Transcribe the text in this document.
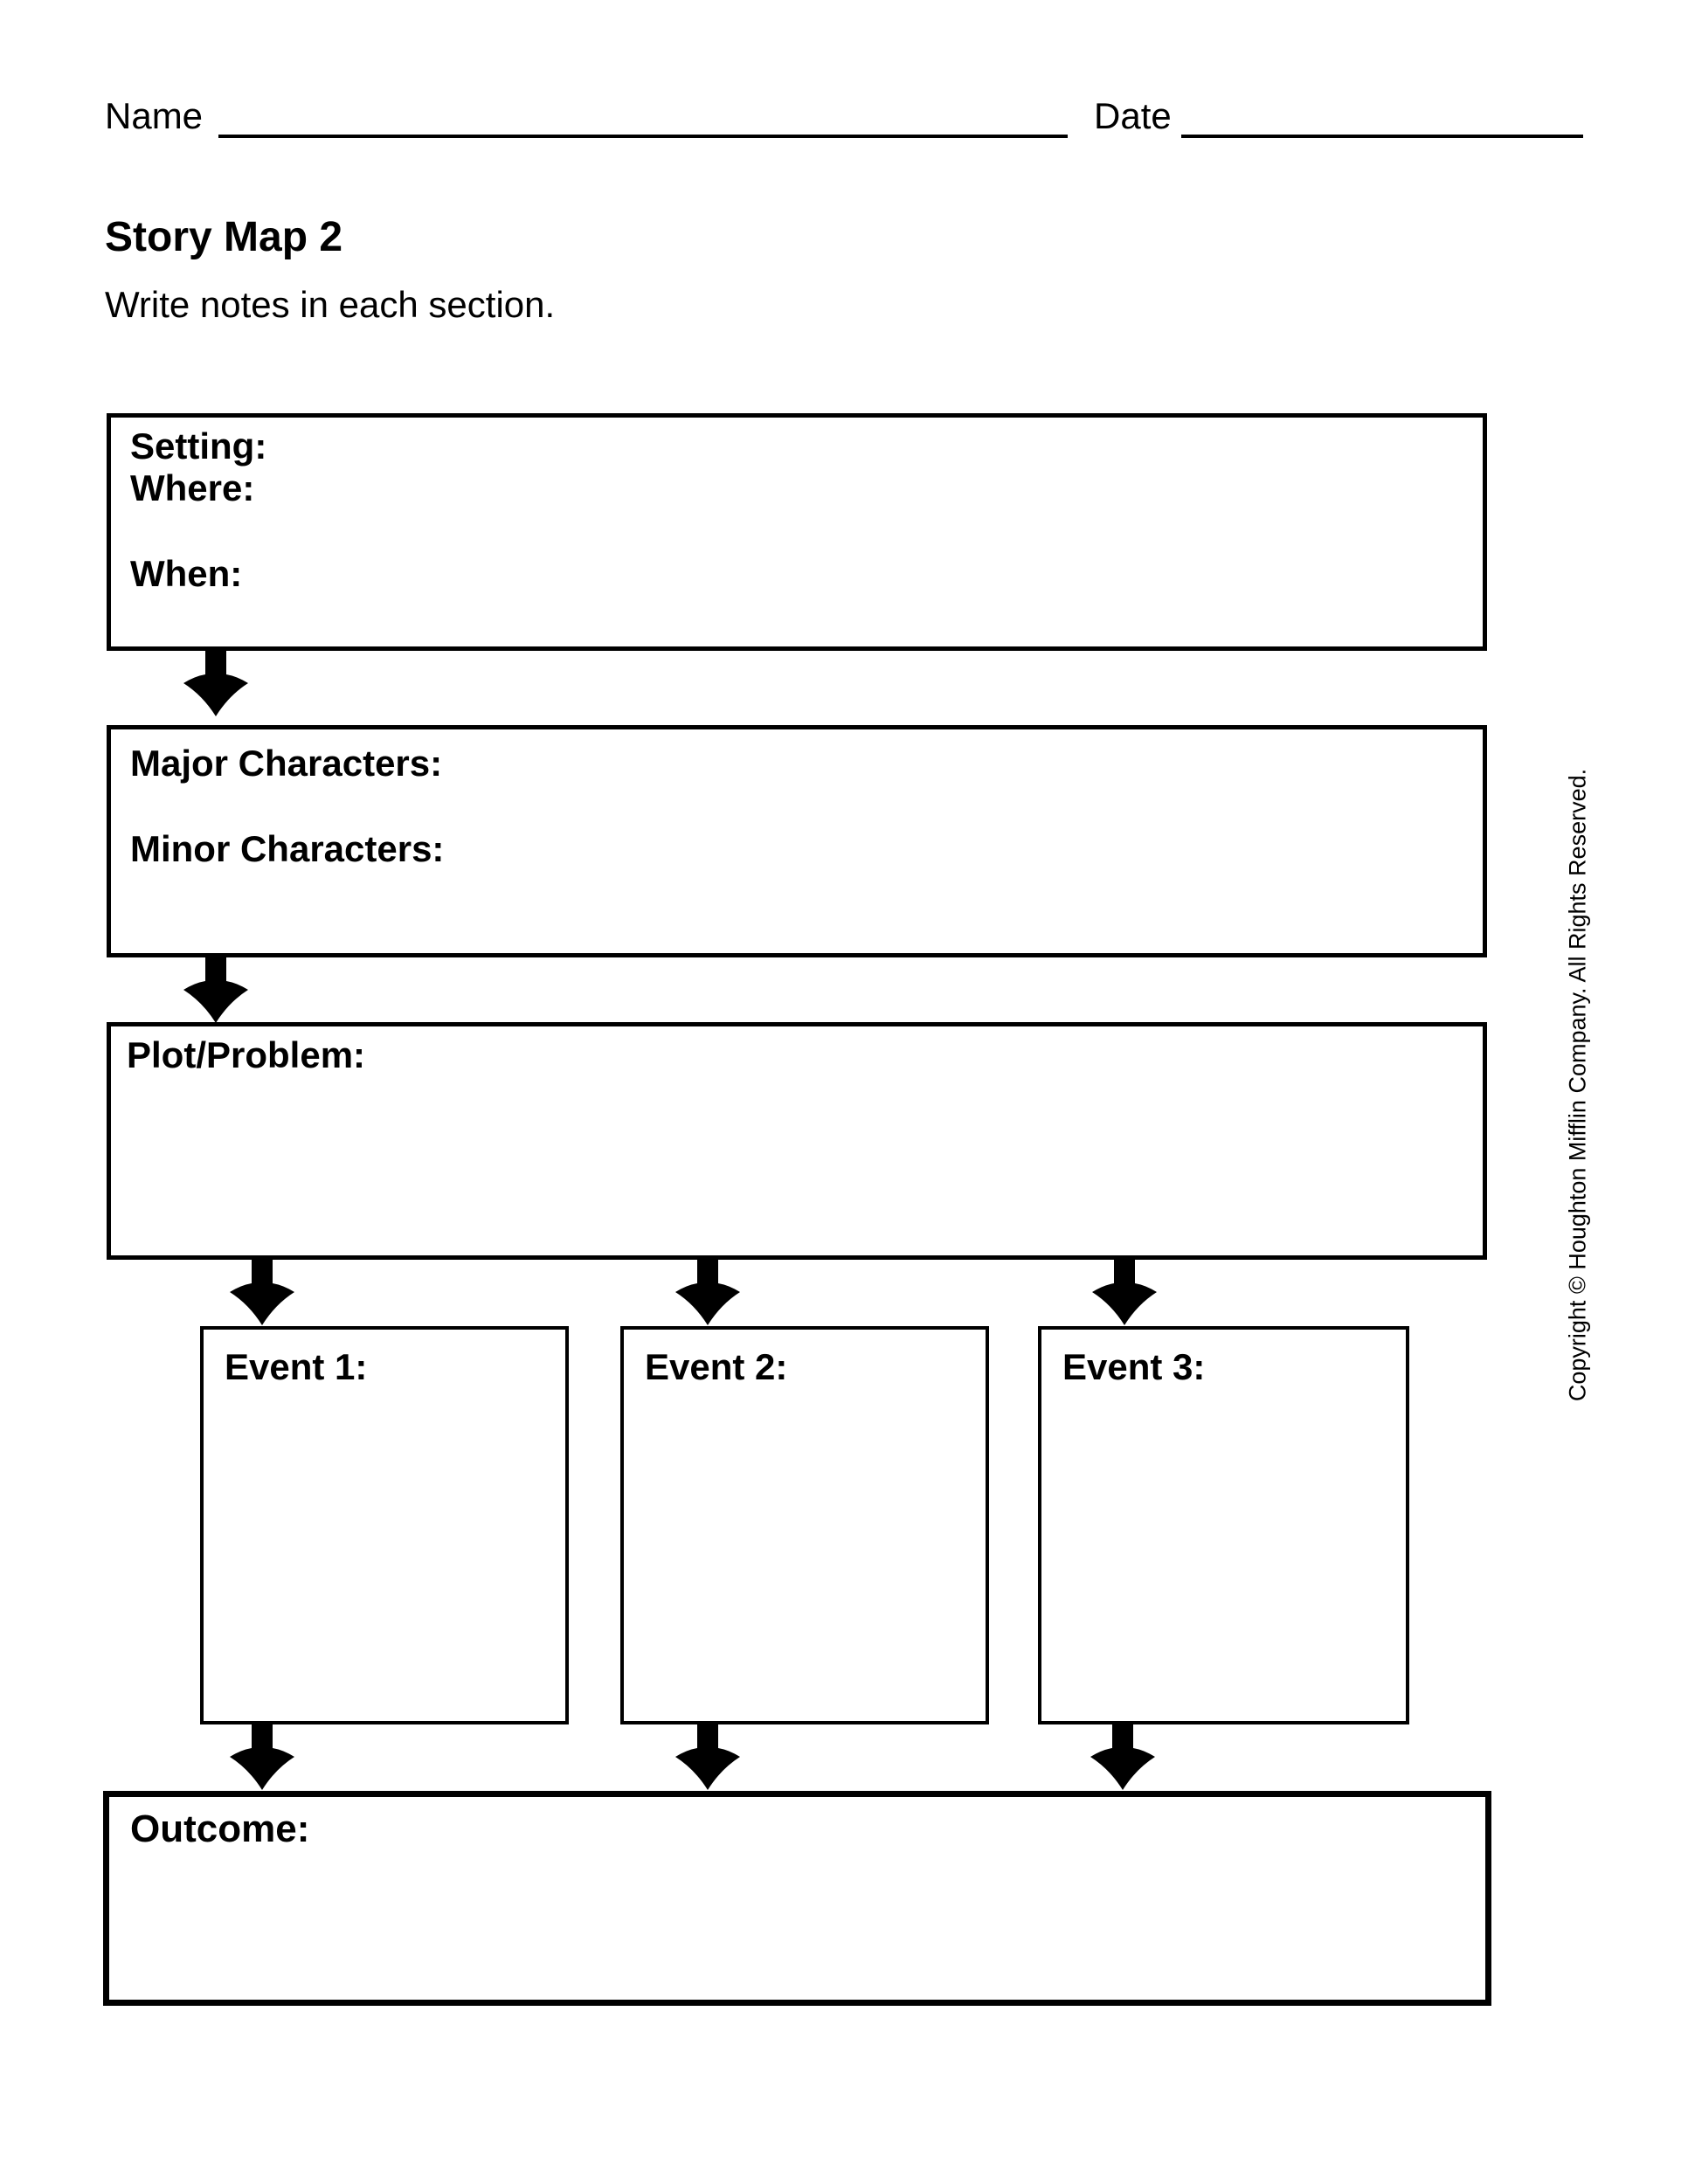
Name	Date
Story Map 2
Write notes in each section.
Setting:
Where:
When:
Major Characters:
Minor Characters:
Plot/Problem:
Event 1:	Event 2:	Event 3:
Outcome:
Copyright © Houghton Mifflin Company. All Rights Reserved.
